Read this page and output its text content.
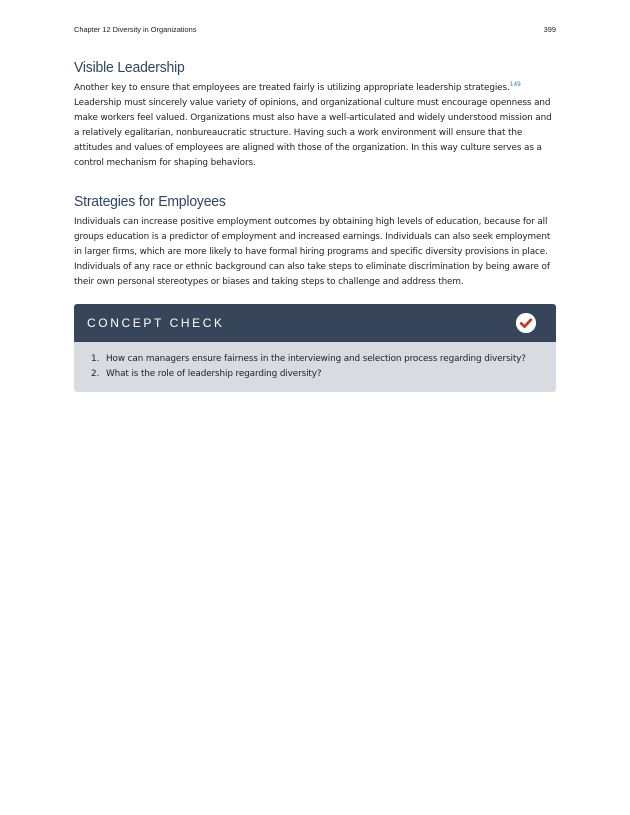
Chapter 12 Diversity in Organizations	399
Visible Leadership

Another key to ensure that employees are treated fairly is utilizing appropriate leadership strategies.$^{149}$ Leadership must sincerely value variety of opinions, and organizational culture must encourage openness and make workers feel valued. Organizations must also have a well-articulated and widely understood mission and a relatively egalitarian, nonbureaucratic structure. Having such a work environment will ensure that the attitudes and values of employees are aligned with those of the organization. In this way culture serves as a control mechanism for shaping behaviors.

Strategies for Employees

Individuals can increase positive employment outcomes by obtaining high levels of education, because for all groups education is a predictor of employment and increased earnings. Individuals can also seek employment in larger firms, which are more likely to have formal hiring programs and specific diversity provisions in place. Individuals of any race or ethnic background can also take steps to eliminate discrimination by being aware of their own personal stereotypes or biases and taking steps to challenge and address them.

CONCEPT CHECK
1. How can managers ensure fairness in the interviewing and selection process regarding diversity?
2. What is the role of leadership regarding diversity?
